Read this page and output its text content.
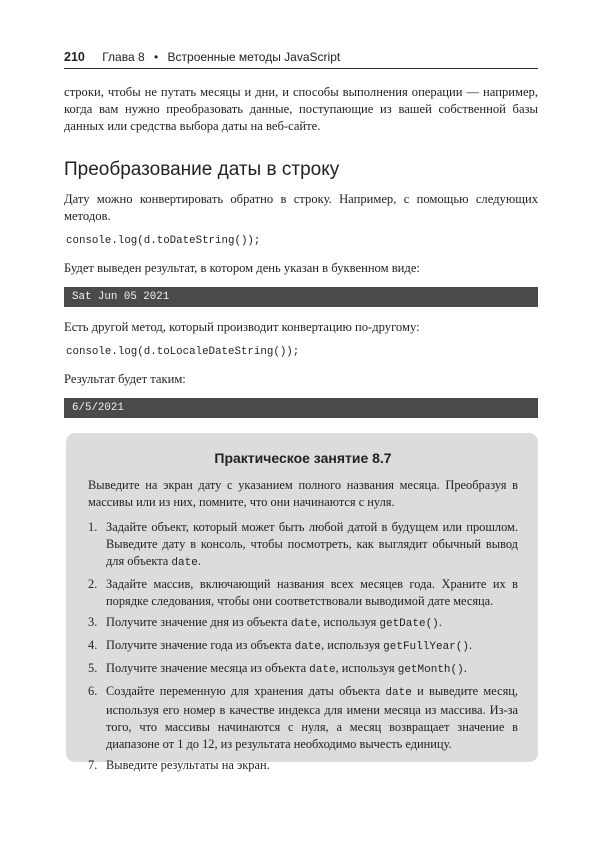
210 Глава 8 • Встроенные методы JavaScript

строки, чтобы не путать месяцы и дни, и способы выполнения операции — например, когда вам нужно преобразовать данные, поступающие из вашей собственной базы данных или средства выбора даты на веб-сайте.

Преобразование даты в строку

Дату можно конвертировать обратно в строку. Например, с помощью следующих методов.

console.log(d.toDateString());

Будет выведен результат, в котором день указан в буквенном виде:

Sat Jun 05 2021

Есть другой метод, который производит конвертацию по-другому:

console.log(d.toLocaleDateString());

Результат будет таким:

6/5/2021
Практическое занятие 8.7

Выведите на экран дату с указанием полного названия месяца. Преобразуя в массивы или из них, помните, что они начинаются с нуля.

1. Задайте объект, который может быть любой датой в будущем или прошлом. Выведите дату в консоль, чтобы посмотреть, как выглядит обычный вывод для объекта date.
2. Задайте массив, включающий названия всех месяцев года. Храните их в порядке следования, чтобы они соответствовали выводимой дате месяца.
3. Получите значение дня из объекта date, используя getDate().
4. Получите значение года из объекта date, используя getFullYear().
5. Получите значение месяца из объекта date, используя getMonth().
6. Создайте переменную для хранения даты объекта date и выведите месяц, используя его номер в качестве индекса для имени месяца из массива. Из-за того, что массивы начинаются с нуля, а месяц возвращает значение в диапазоне от 1 до 12, из результата необходимо вычесть единицу.
7. Выведите результаты на экран.
